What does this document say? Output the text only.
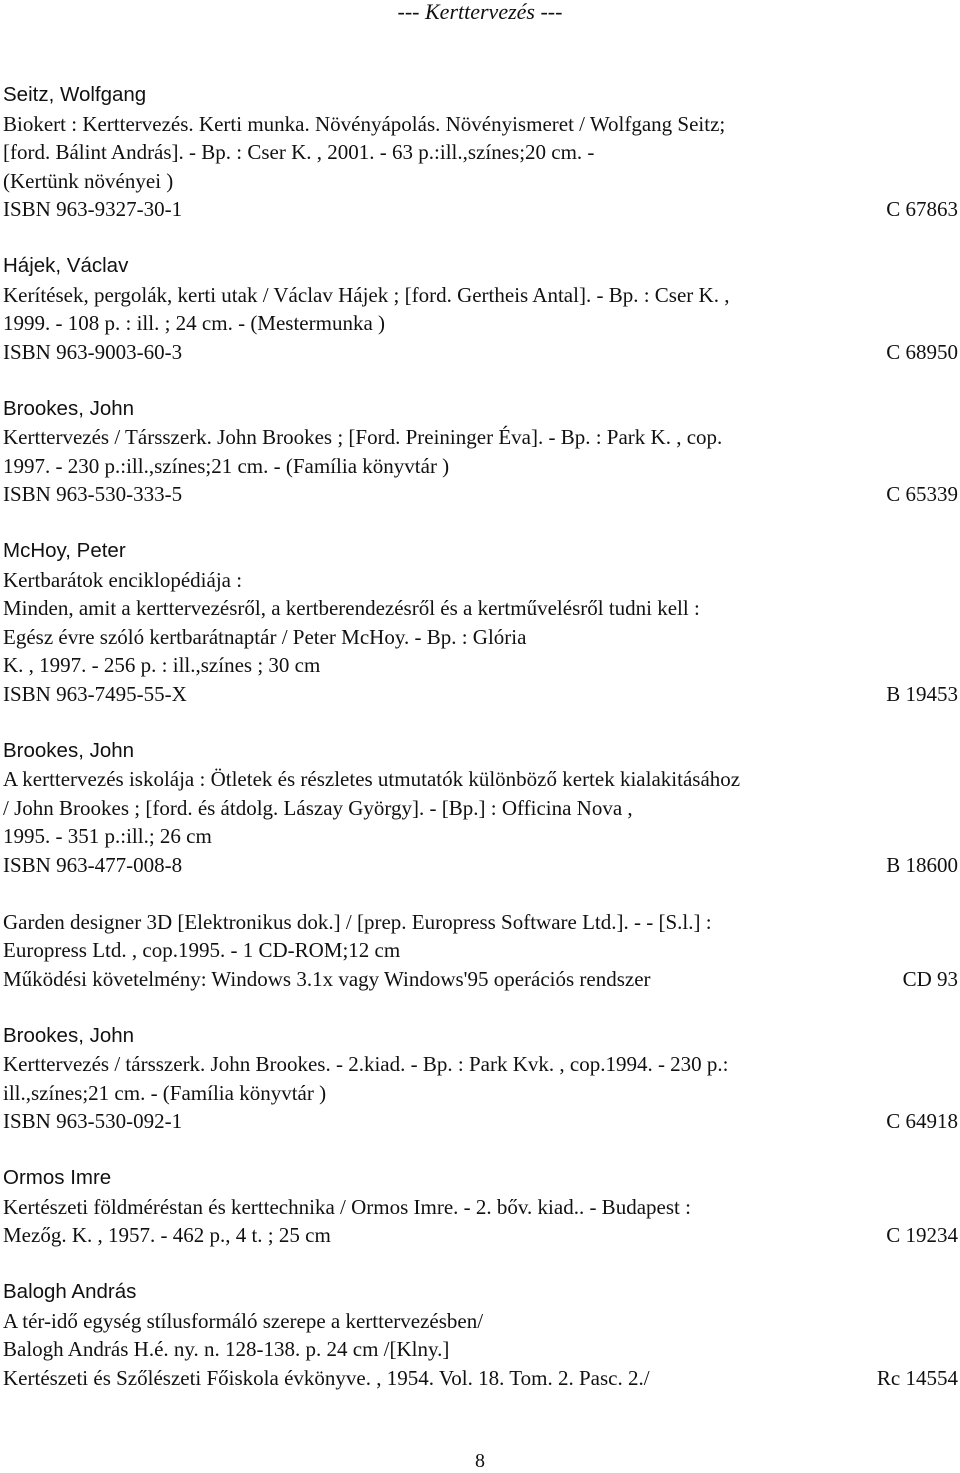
--- Kerttervezés ---
Seitz, Wolfgang
Biokert : Kerttervezés. Kerti munka. Növényápolás. Növényismeret / Wolfgang Seitz;
[ford. Bálint András]. - Bp. : Cser K. , 2001. - 63 p.:ill.,színes;20 cm. -
(Kertünk növényei )
ISBN 963-9327-30-1	C 67863
Hájek, Václav
Kerítések, pergolák, kerti utak / Václav Hájek ; [ford. Gertheis Antal]. - Bp. : Cser K. ,
1999. - 108 p. : ill. ; 24 cm. - (Mestermunka )
ISBN 963-9003-60-3	C 68950
Brookes, John
Kerttervezés / Társszerk. John Brookes ; [Ford. Preininger Éva]. - Bp. : Park K. , cop.
1997. - 230 p.:ill.,színes;21 cm. - (Família könyvtár )
ISBN 963-530-333-5	C 65339
McHoy, Peter
Kertbarátok enciklopédiája :
Minden, amit a kerttervezésről, a kertberendezésről és a kertművelésről tudni kell :
Egész évre szóló kertbarátnaptár / Peter McHoy. - Bp. : Glória
K. , 1997. - 256 p. : ill.,színes ; 30 cm
ISBN 963-7495-55-X	B 19453
Brookes, John
A kerttervezés iskolája : Ötletek és részletes utmutatók különböző kertek kialakitásához
/ John Brookes ; [ford. és átdolg. Lászay György]. - [Bp.] : Officina Nova ,
1995. - 351 p.:ill.; 26 cm
ISBN 963-477-008-8	B 18600
Garden designer 3D [Elektronikus dok.] / [prep. Europress Software Ltd.]. - - [S.l.] :
Europress Ltd. , cop.1995. - 1 CD-ROM;12 cm
Működési követelmény: Windows 3.1x vagy Windows'95 operációs rendszer	CD 93
Brookes, John
Kerttervezés / társszerk. John Brookes. - 2.kiad. - Bp. : Park Kvk. , cop.1994. - 230 p.:
ill.,színes;21 cm. - (Família könyvtár )
ISBN 963-530-092-1	C 64918
Ormos Imre
Kertészeti földméréstan és kerttechnika / Ormos Imre. - 2. bőv. kiad.. - Budapest :
Mezőg. K. , 1957. - 462 p., 4 t. ; 25 cm	C 19234
Balogh András
A tér-idő egység stílusformáló szerepe a kerttervezésben/
Balogh András H.é. ny. n. 128-138. p. 24 cm /[Klny.]
Kertészeti és Szőlészeti Főiskola évkönyve. , 1954. Vol. 18. Tom. 2. Pasc. 2./	Rc 14554
8
